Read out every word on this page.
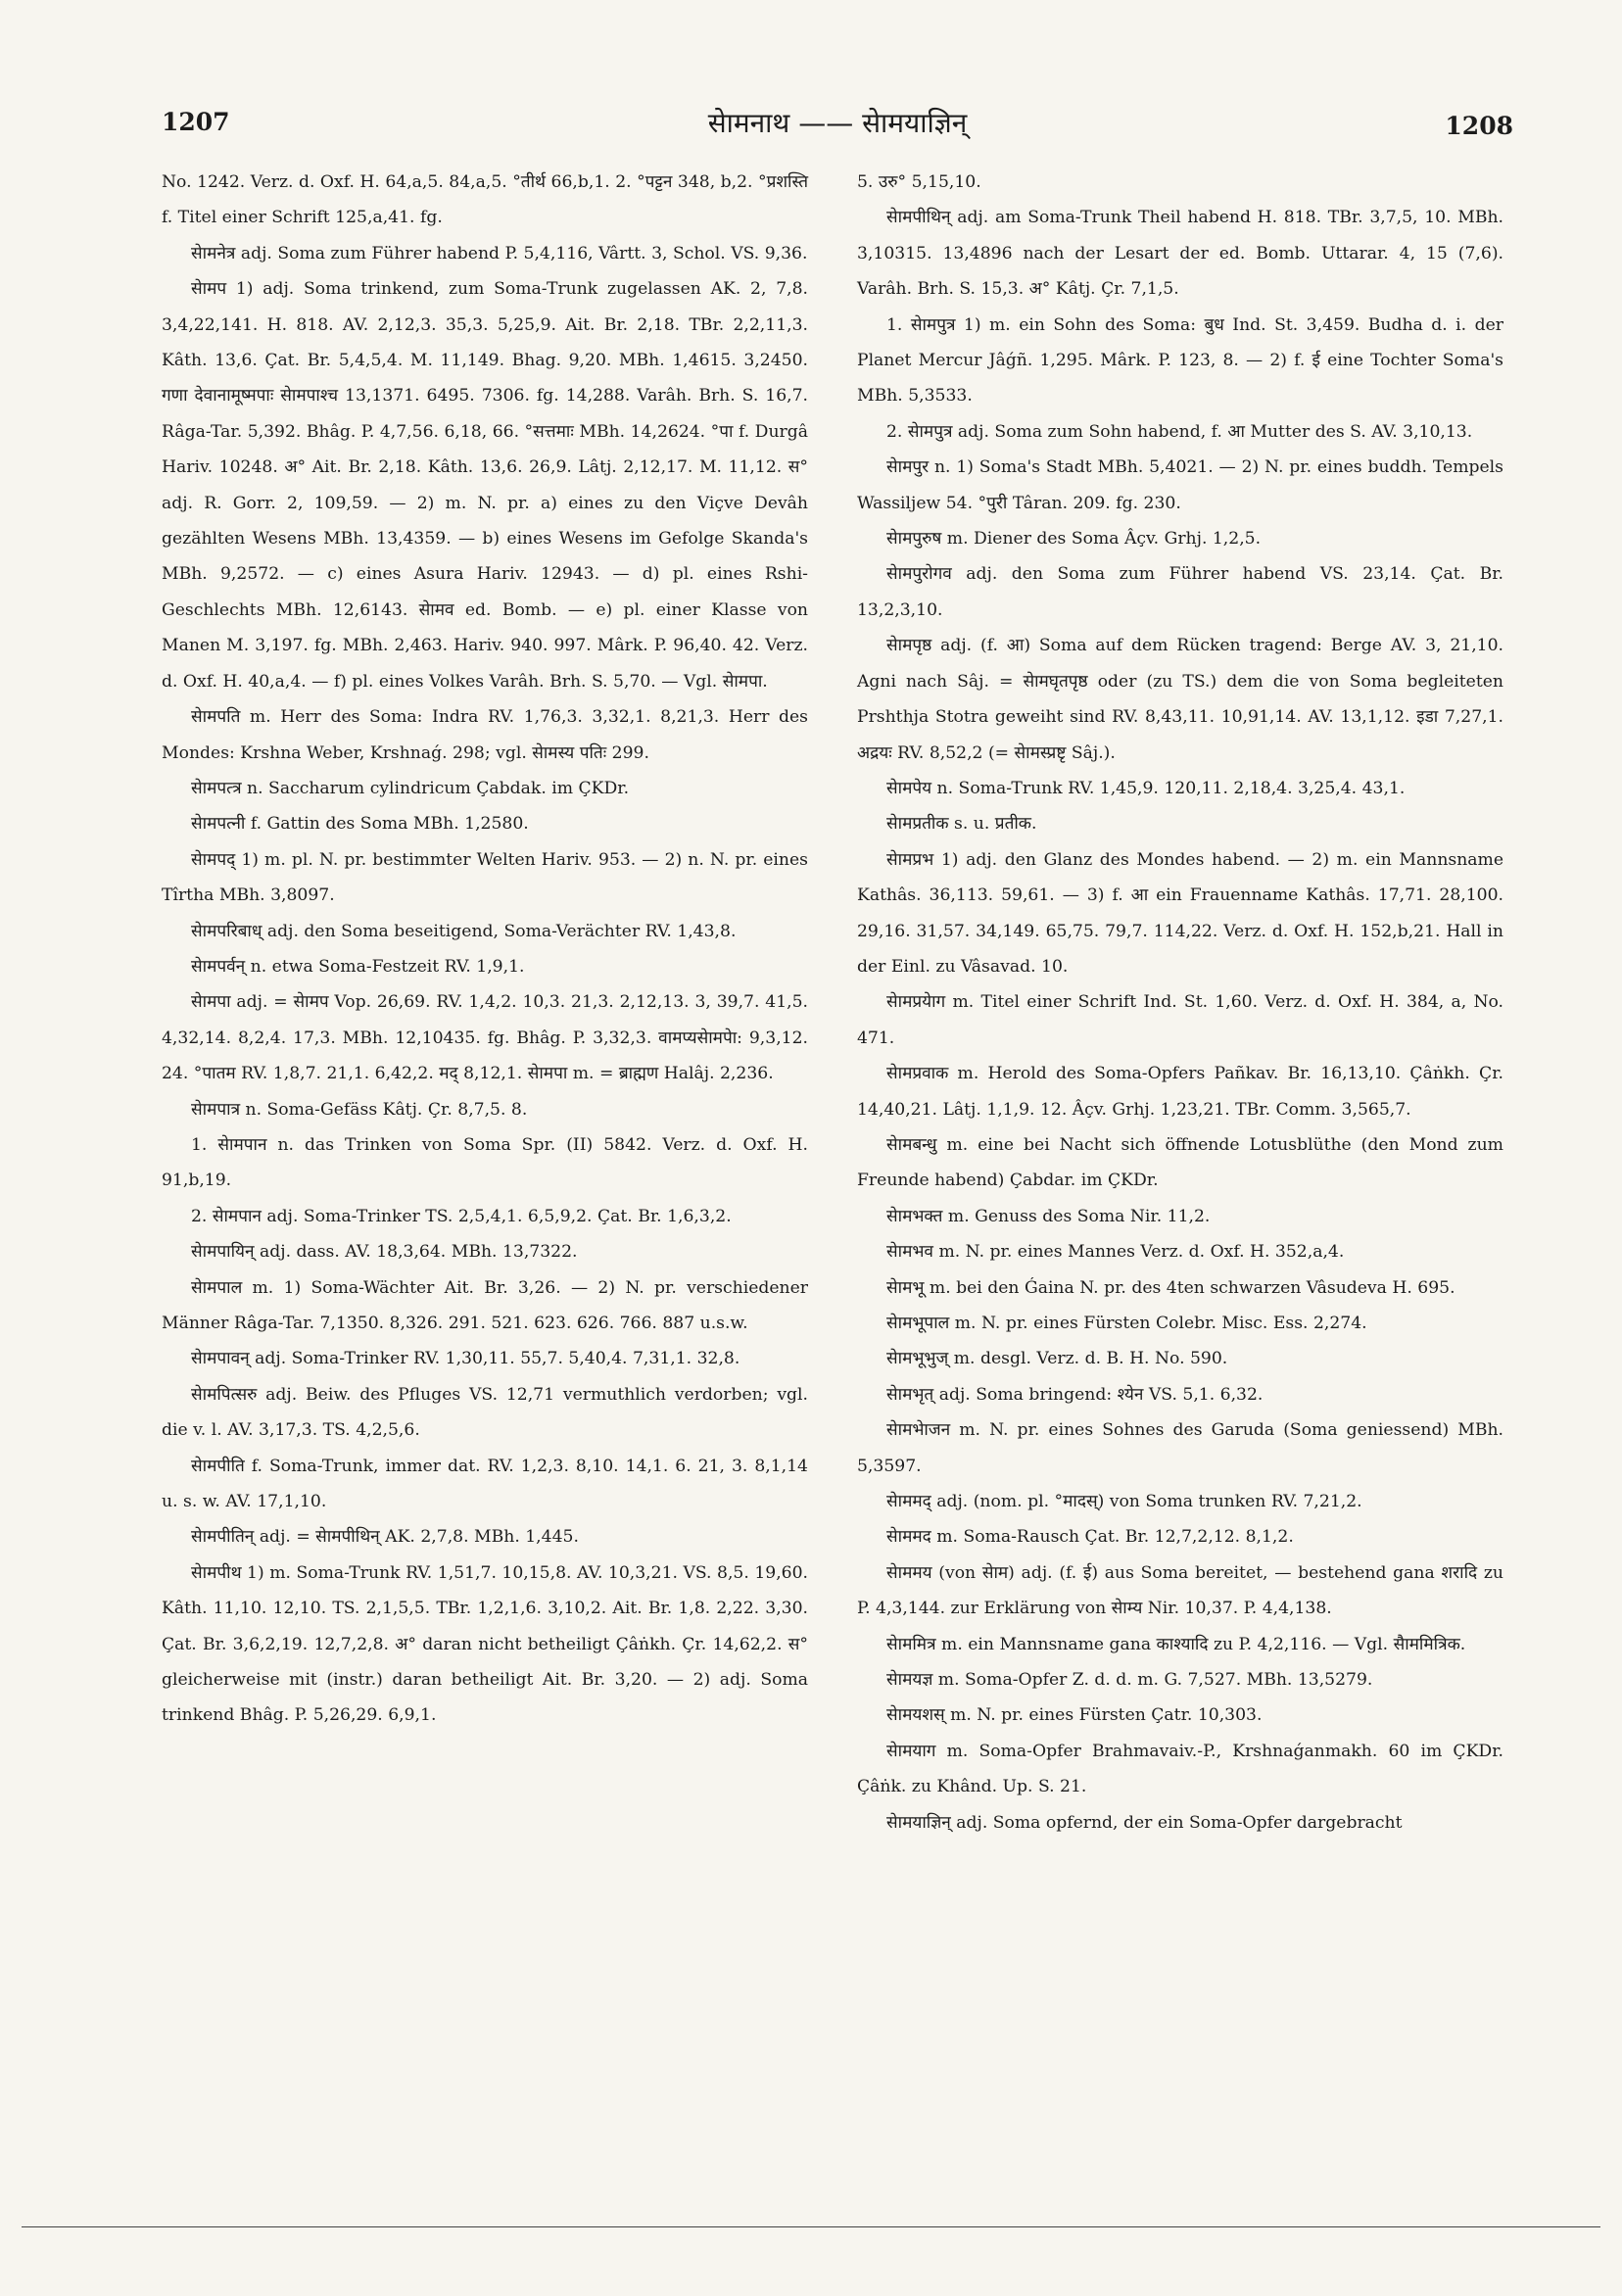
1207	सेामनाथ —— सेामयाज्ञिन्	1208

No. 1242. Verz. d. Oxf. H. 64,a,5. 84,a,5. °तीर्थ 66,b,1. 2. °पट्टन 348, b,2. °प्रशस्ति f. Titel einer Schrift 125,a,41. fg.

सेामनेत्र adj. Soma zum Führer habend P. 5,4,116, Vârtt. 3, Schol. VS. 9,36.

सेामप 1) adj. Soma trinkend, zum Soma-Trunk zugelassen AK. 2, 7,8. 3,4,22,141. H. 818. AV. 2,12,3. 35,3. 5,25,9. Ait. Br. 2,18. TBr. 2,2,11,3. Kâth. 13,6. Çat. Br. 5,4,5,4. M. 11,149. Bhag. 9,20. MBh. 1,4615. 3,2450. गणा देवानामूष्मपाः सेामपाश्च 13,1371. 6495. 7306. fg. 14,288. Varâh. Brh. S. 16,7. Râga-Tar. 5,392. Bhâg. P. 4,7,56. 6,18, 66. °सत्तमाः MBh. 14,2624. °पा f. Durgâ Hariv. 10248. अ° Ait. Br. 2,18. Kâth. 13,6. 26,9. Lâtj. 2,12,17. M. 11,12. स° adj. R. Gorr. 2, 109,59. — 2) m. N. pr. a) eines zu den Viçve Devâh gezählten Wesens MBh. 13,4359. — b) eines Wesens im Gefolge Skanda's MBh. 9,2572. — c) eines Asura Hariv. 12943. — d) pl. eines Rshi-Geschlechts MBh. 12,6143. सेामव ed. Bomb. — e) pl. einer Klasse von Manen M. 3,197. fg. MBh. 2,463. Hariv. 940. 997. Mârk. P. 96,40. 42. Verz. d. Oxf. H. 40,a,4. — f) pl. eines Volkes Varâh. Brh. S. 5,70. — Vgl. सेामपा.

सेामपति m. Herr des Soma: Indra RV. 1,76,3. 3,32,1. 8,21,3. Herr des Mondes: Krshna Weber, Krshnaǵ. 298; vgl. सेामस्य पतिः 299.

सेामपत्त्र n. Saccharum cylindricum Çabdak. im ÇKDr.

सेामपत्नी f. Gattin des Soma MBh. 1,2580.

सेामपद् 1) m. pl. N. pr. bestimmter Welten Hariv. 953. — 2) n. N. pr. eines Tîrtha MBh. 3,8097.

सेामपरिबाध् adj. den Soma beseitigend, Soma-Verächter RV. 1,43,8.

सेामपर्वन् n. etwa Soma-Festzeit RV. 1,9,1.

सेामपा adj. = सेामप Vop. 26,69. RV. 1,4,2. 10,3. 21,3. 2,12,13. 3, 39,7. 41,5. 4,32,14. 8,2,4. 17,3. MBh. 12,10435. fg. Bhâg. P. 3,32,3. वामप्यसेामपेा: 9,3,12. 24. °पातम RV. 1,8,7. 21,1. 6,42,2. मद् 8,12,1. सेामपा m. = ब्राह्मण Halâj. 2,236.

सेामपात्र n. Soma-Gefäss Kâtj. Çr. 8,7,5. 8.

1. सेामपान n. das Trinken von Soma Spr. (II) 5842. Verz. d. Oxf. H. 91,b,19.

2. सेामपान adj. Soma-Trinker TS. 2,5,4,1. 6,5,9,2. Çat. Br. 1,6,3,2.

सेामपायिन् adj. dass. AV. 18,3,64. MBh. 13,7322.

सेामपाल m. 1) Soma-Wächter Ait. Br. 3,26. — 2) N. pr. verschiedener Männer Râga-Tar. 7,1350. 8,326. 291. 521. 623. 626. 766. 887 u.s.w.

सेामपावन् adj. Soma-Trinker RV. 1,30,11. 55,7. 5,40,4. 7,31,1. 32,8.

सेामपित्सरु adj. Beiw. des Pfluges VS. 12,71 vermuthlich verdorben; vgl. die v. l. AV. 3,17,3. TS. 4,2,5,6.

सेामपीति f. Soma-Trunk, immer dat. RV. 1,2,3. 8,10. 14,1. 6. 21, 3. 8,1,14 u. s. w. AV. 17,1,10.

सेामपीतिन् adj. = सेामपीथिन् AK. 2,7,8. MBh. 1,445.

सेामपीथ 1) m. Soma-Trunk RV. 1,51,7. 10,15,8. AV. 10,3,21. VS. 8,5. 19,60. Kâth. 11,10. 12,10. TS. 2,1,5,5. TBr. 1,2,1,6. 3,10,2. Ait. Br. 1,8. 2,22. 3,30. Çat. Br. 3,6,2,19. 12,7,2,8. अ° daran nicht betheiligt Çâṅkh. Çr. 14,62,2. स° gleicherweise mit (instr.) daran betheiligt Ait. Br. 3,20. — 2) adj. Soma trinkend Bhâg. P. 5,26,29. 6,9,1.

5. उरु° 5,15,10.

सेामपीथिन् adj. am Soma-Trunk Theil habend H. 818. TBr. 3,7,5, 10. MBh. 3,10315. 13,4896 nach der Lesart der ed. Bomb. Uttarar. 4, 15 (7,6). Varâh. Brh. S. 15,3. अ° Kâtj. Çr. 7,1,5.

1. सेामपुत्र 1) m. ein Sohn des Soma: बुध Ind. St. 3,459. Budha d. i. der Planet Mercur Jâǵñ. 1,295. Mârk. P. 123, 8. — 2) f. ई eine Tochter Soma's MBh. 5,3533.

2. सेामपुत्र adj. Soma zum Sohn habend, f. आ Mutter des S. AV. 3,10,13.

सेामपुर n. 1) Soma's Stadt MBh. 5,4021. — 2) N. pr. eines buddh. Tempels Wassiljew 54. °पुरी Târan. 209. fg. 230.

सेामपुरुष m. Diener des Soma Âçv. Grhj. 1,2,5.

सेामपुरोगव adj. den Soma zum Führer habend VS. 23,14. Çat. Br. 13,2,3,10.

सेामपृष्ठ adj. (f. आ) Soma auf dem Rücken tragend: Berge AV. 3, 21,10. Agni nach Sâj. = सेामघृतपृष्ठ oder (zu TS.) dem die von Soma begleiteten Prshthja Stotra geweiht sind RV. 8,43,11. 10,91,14. AV. 13,1,12. इडा 7,27,1. अद्रयः RV. 8,52,2 (= सेामस्प्रष्टृ Sâj.).

सेामपेय n. Soma-Trunk RV. 1,45,9. 120,11. 2,18,4. 3,25,4. 43,1.

सेामप्रतीक s. u. प्रतीक.

सेामप्रभ 1) adj. den Glanz des Mondes habend. — 2) m. ein Mannsname Kathâs. 36,113. 59,61. — 3) f. आ ein Frauenname Kathâs. 17,71. 28,100. 29,16. 31,57. 34,149. 65,75. 79,7. 114,22. Verz. d. Oxf. H. 152,b,21. Hall in der Einl. zu Vâsavad. 10.

सेामप्रयेाग m. Titel einer Schrift Ind. St. 1,60. Verz. d. Oxf. H. 384, a, No. 471.

सेामप्रवाक m. Herold des Soma-Opfers Pañkav. Br. 16,13,10. Çâṅkh. Çr. 14,40,21. Lâtj. 1,1,9. 12. Âçv. Grhj. 1,23,21. TBr. Comm. 3,565,7.

सेामबन्धु m. eine bei Nacht sich öffnende Lotusblüthe (den Mond zum Freunde habend) Çabdar. im ÇKDr.

सेामभक्त m. Genuss des Soma Nir. 11,2.

सेामभव m. N. pr. eines Mannes Verz. d. Oxf. H. 352,a,4.

सेामभू m. bei den Ǵaina N. pr. des 4ten schwarzen Vâsudeva H. 695.

सेामभूपाल m. N. pr. eines Fürsten Colebr. Misc. Ess. 2,274.

सेामभूभुज् m. desgl. Verz. d. B. H. No. 590.

सेामभृत् adj. Soma bringend: श्येन VS. 5,1. 6,32.

सेामभेाजन m. N. pr. eines Sohnes des Garuda (Soma geniessend) MBh. 5,3597.

सेाममद् adj. (nom. pl. °मादस्) von Soma trunken RV. 7,21,2.

सेाममद m. Soma-Rausch Çat. Br. 12,7,2,12. 8,1,2.

सेाममय (von सेाम) adj. (f. ई) aus Soma bereitet, — bestehend gana शरादि zu P. 4,3,144. zur Erklärung von सेाम्य Nir. 10,37. P. 4,4,138.

सेाममित्र m. ein Mannsname gana काश्यादि zu P. 4,2,116. — Vgl. सैाममित्रिक.

सेामयज्ञ m. Soma-Opfer Z. d. d. m. G. 7,527. MBh. 13,5279.

सेामयशस् m. N. pr. eines Fürsten Çatr. 10,303.

सेामयाग m. Soma-Opfer Brahmavaiv.-P., Krshnaǵanmakh. 60 im ÇKDr. Çâṅk. zu Khând. Up. S. 21.

सेामयाज्ञिन् adj. Soma opfernd, der ein Soma-Opfer dargebracht
